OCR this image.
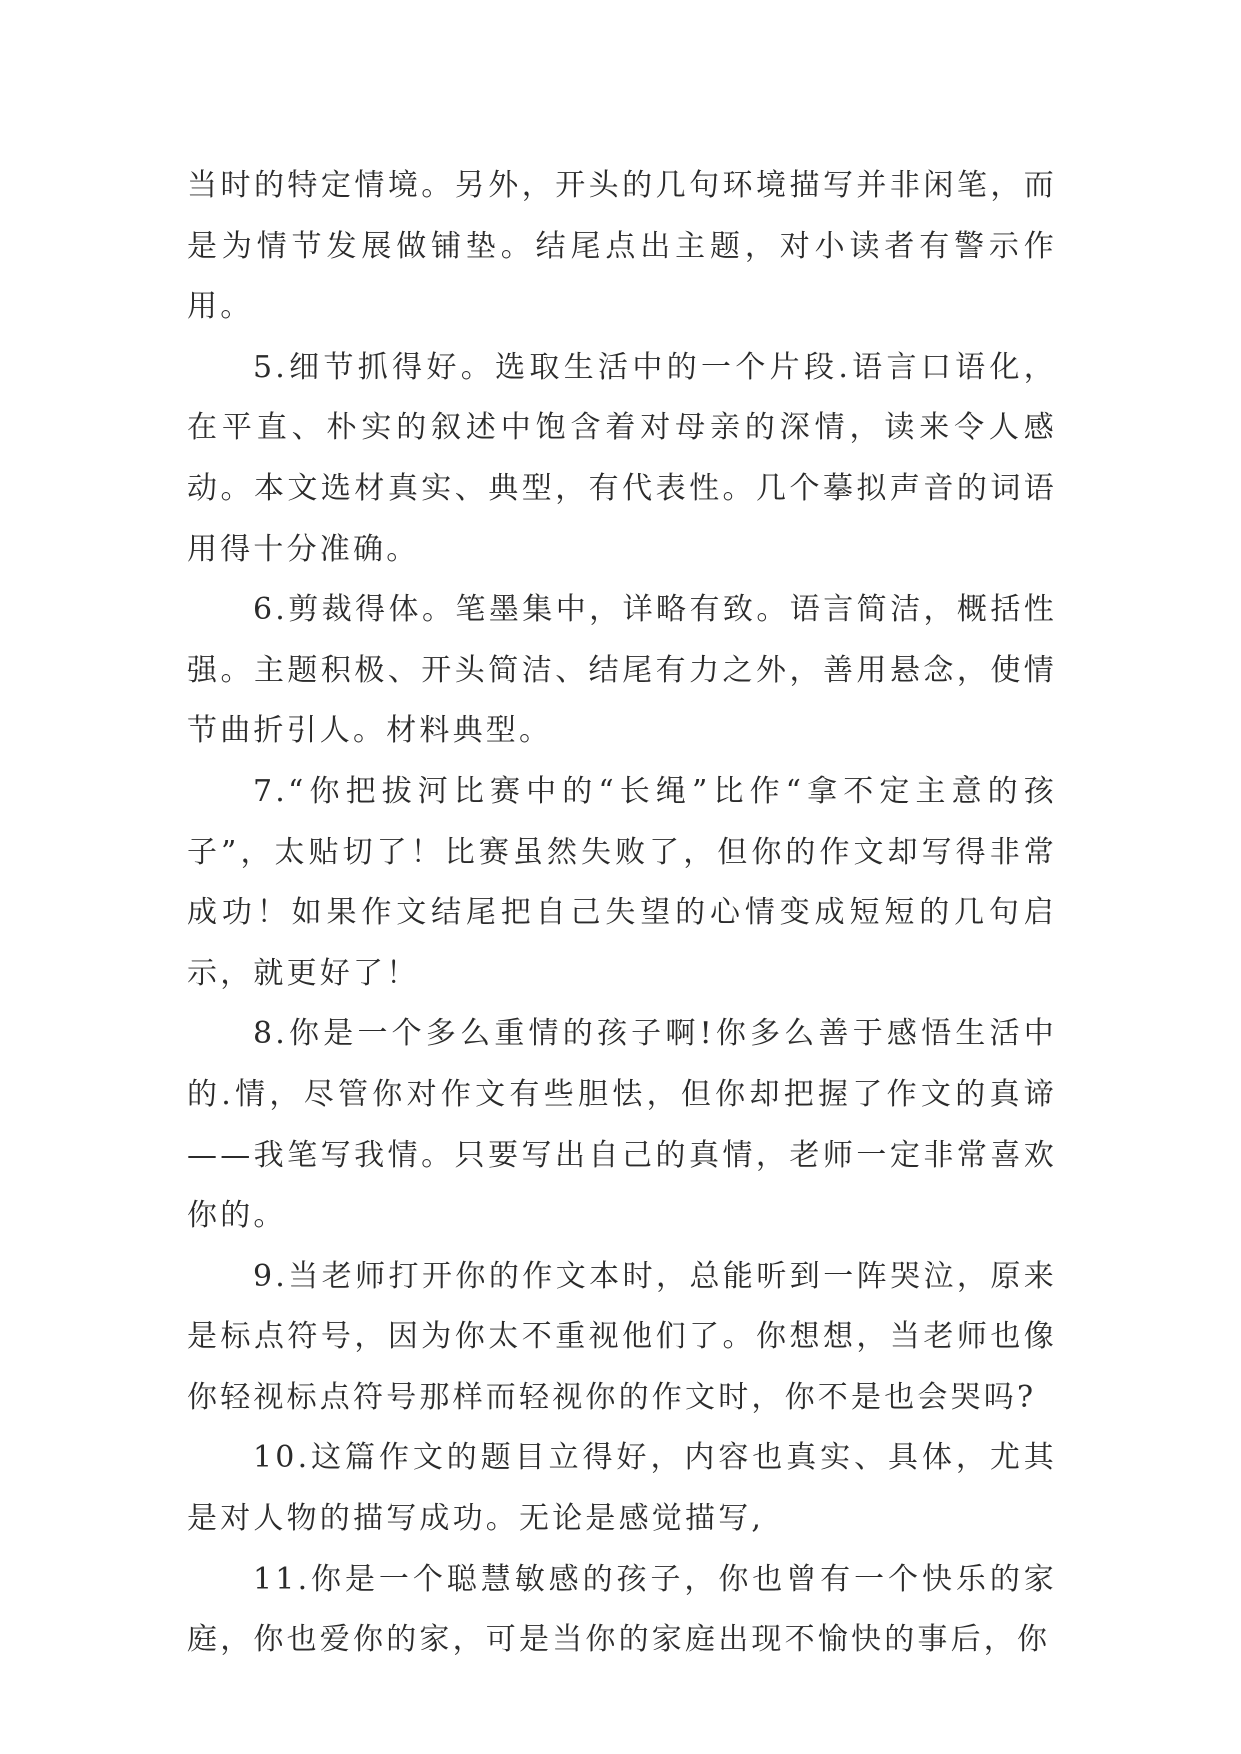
当时的特定情境。另外，开头的几句环境描写并非闲笔，而是为情节发展做铺垫。结尾点出主题，对小读者有警示作用。

5.细节抓得好。选取生活中的一个片段.语言口语化，在平直、朴实的叙述中饱含着对母亲的深情，读来令人感动。本文选材真实、典型，有代表性。几个摹拟声音的词语用得十分准确。

6.剪裁得体。笔墨集中，详略有致。语言简洁，概括性强。主题积极、开头简洁、结尾有力之外，善用悬念，使情节曲折引人。材料典型。

7.“你把拔河比赛中的“长绳”比作“拿不定主意的孩子”，太贴切了！比赛虽然失败了，但你的作文却写得非常成功！如果作文结尾把自己失望的心情变成短短的几句启示，就更好了！

8.你是一个多么重情的孩子啊!你多么善于感悟生活中的.情，尽管你对作文有些胆怯，但你却把握了作文的真谛——我笔写我情。只要写出自己的真情，老师一定非常喜欢你的。

9.当老师打开你的作文本时，总能听到一阵哭泣，原来是标点符号，因为你太不重视他们了。你想想，当老师也像你轻视标点符号那样而轻视你的作文时，你不是也会哭吗?

10.这篇作文的题目立得好，内容也真实、具体，尤其是对人物的描写成功。无论是感觉描写,

11.你是一个聪慧敏感的孩子，你也曾有一个快乐的家庭，你也爱你的家，可是当你的家庭出现不愉快的事后，你
